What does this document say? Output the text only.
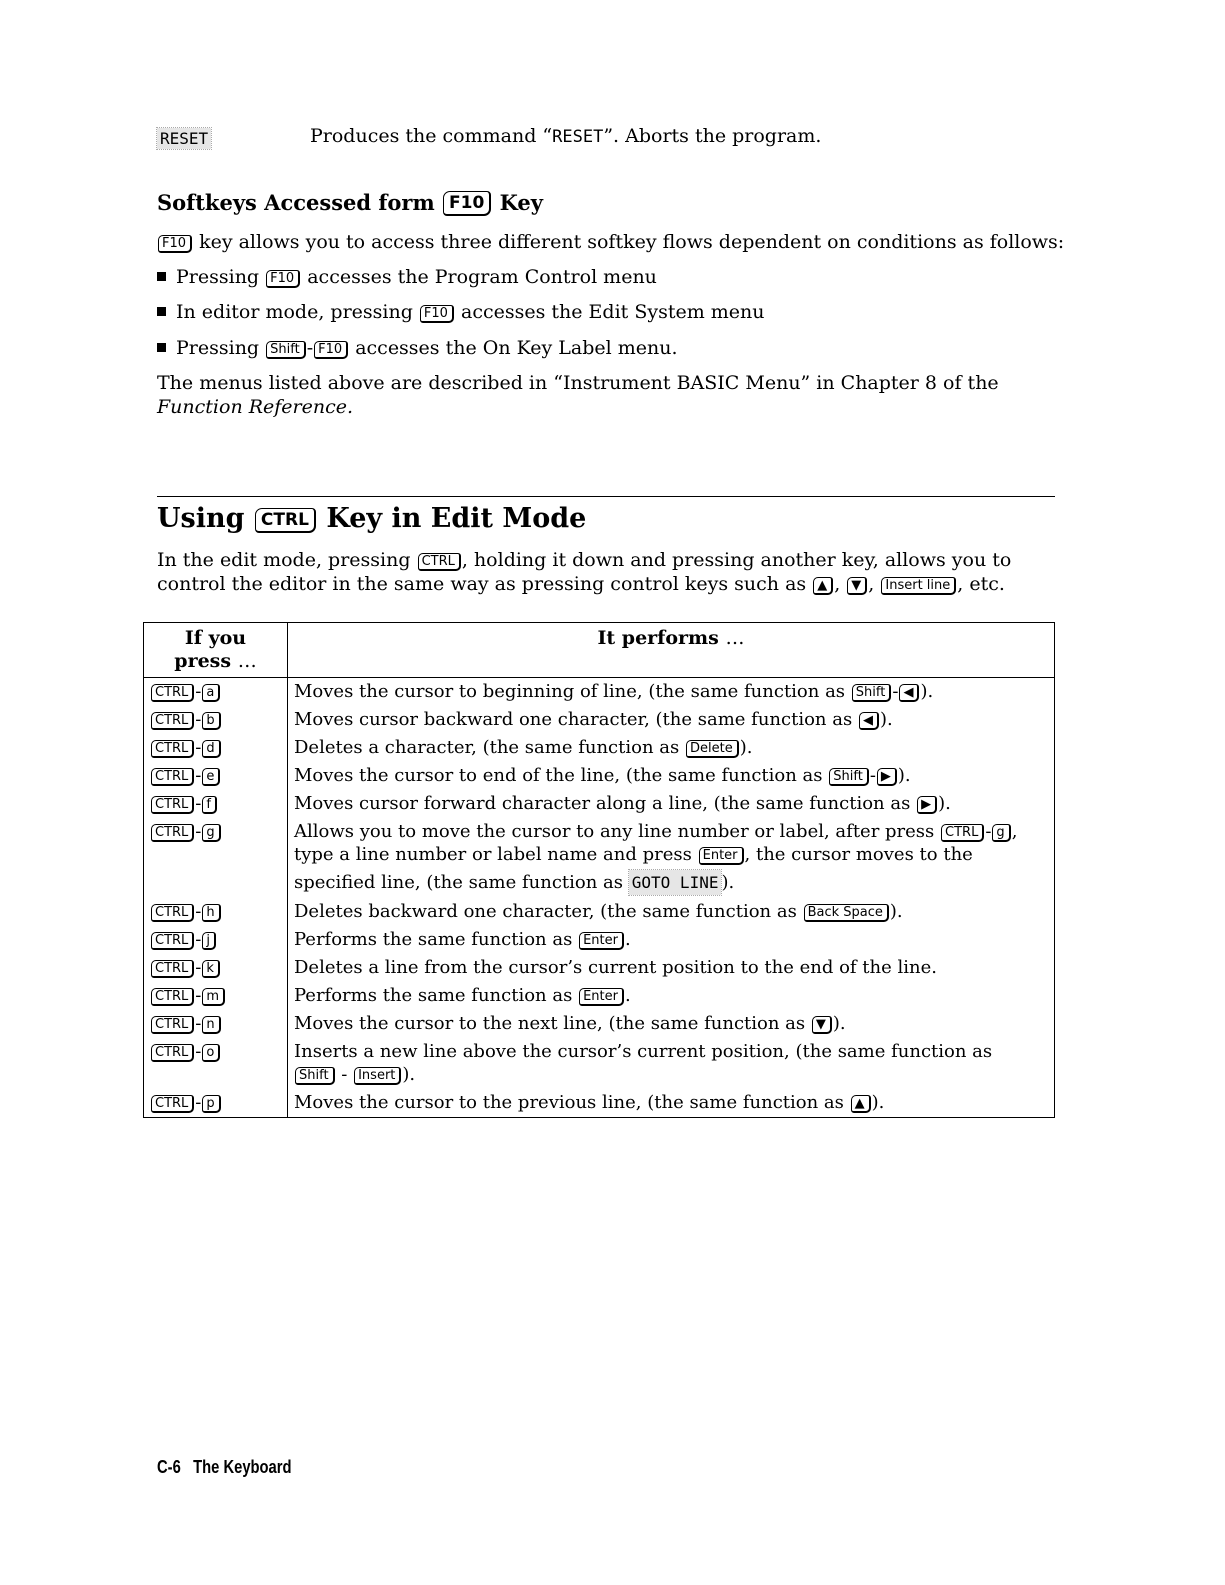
RESET	Produces the command “RESET”. Aborts the program.
Softkeys Accessed form F10 Key
F10 key allows you to access three different softkey flows dependent on conditions as follows:
Pressing F10 accesses the Program Control menu
In editor mode, pressing F10 accesses the Edit System menu
Pressing Shift - F10 accesses the On Key Label menu.
The menus listed above are described in “Instrument BASIC Menu” in Chapter 8 of the
Function Reference.
Using CTRL Key in Edit Mode
In the edit mode, pressing CTRL , holding it down and pressing another key, allows you to
control the editor in the same way as pressing control keys such as ▲ , ▼ , Insert line , etc.
If you
press …	It performs …
CTRL - a	Moves the cursor to beginning of line, (the same function as Shift - ◀ ).

CTRL - b	Moves cursor backward one character, (the same function as ◀ ).

CTRL - d	Deletes a character, (the same function as Delete ).

CTRL - e	Moves the cursor to end of the line, (the same function as Shift - ▶ ).

CTRL - f	Moves cursor forward character along a line, (the same function as ▶ ).

CTRL - g	Allows you to move the cursor to any line number or label, after press CTRL - g ,
type a line number or label name and press Enter , the cursor moves to the
specified line, (the same function as GOTO LINE ).

CTRL - h	Deletes backward one character, (the same function as Back Space ).

CTRL - j	Performs the same function as Enter .

CTRL - k	Deletes a line from the cursor’s current position to the end of the line.

CTRL - m	Performs the same function as Enter .

CTRL - n	Moves the cursor to the next line, (the same function as ▼ ).

CTRL - o	Inserts a new line above the cursor’s current position, (the same function as
Shift - Insert ).

CTRL - p	Moves the cursor to the previous line, (the same function as ▲ ).
C-6 The Keyboard
